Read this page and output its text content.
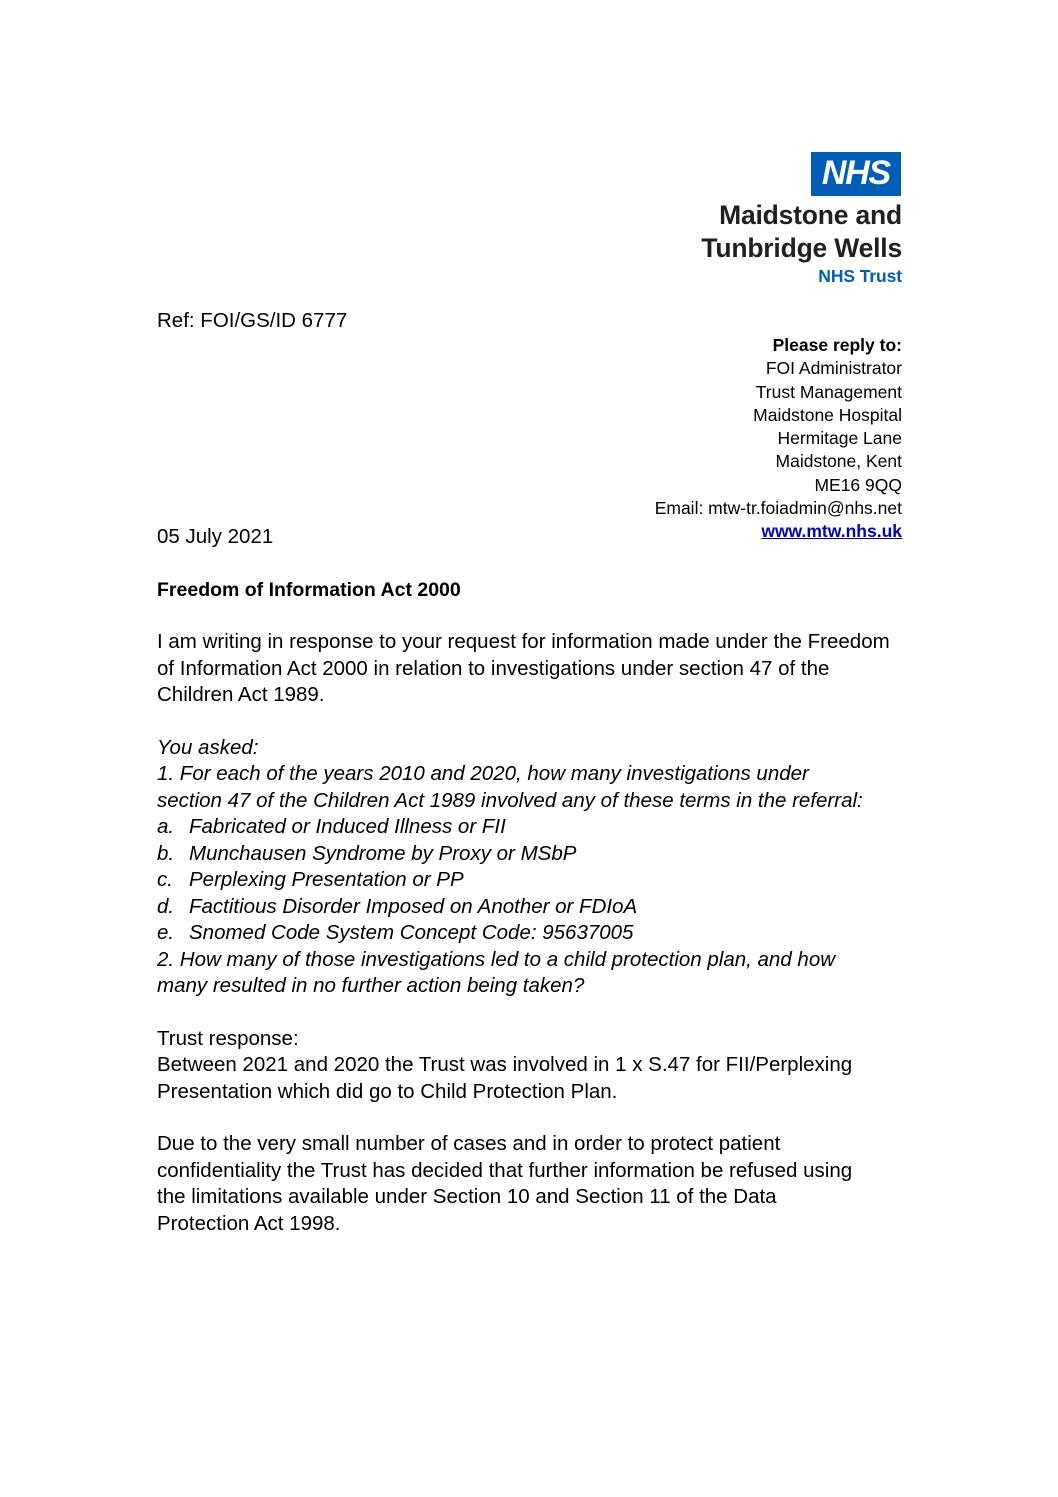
NHS
Maidstone and
Tunbridge Wells
NHS Trust
Ref: FOI/GS/ID 6777
Please reply to:
FOI Administrator
Trust Management
Maidstone Hospital
Hermitage Lane
Maidstone, Kent
ME16 9QQ
Email: mtw-tr.foiadmin@nhs.net
www.mtw.nhs.uk
05 July 2021
Freedom of Information Act 2000
I am writing in response to your request for information made under the Freedom of Information Act 2000 in relation to investigations under section 47 of the Children Act 1989.
You asked:
1. For each of the years 2010 and 2020, how many investigations under
section 47 of the Children Act 1989 involved any of these terms in the referral:
a. Fabricated or Induced Illness or FII
b. Munchausen Syndrome by Proxy or MSbP
c. Perplexing Presentation or PP
d. Factitious Disorder Imposed on Another or FDIoA
e. Snomed Code System Concept Code: 95637005
2. How many of those investigations led to a child protection plan, and how
many resulted in no further action being taken?
Trust response:
Between 2021 and 2020 the Trust was involved in 1 x S.47 for FII/Perplexing
Presentation which did go to Child Protection Plan.
Due to the very small number of cases and in order to protect patient
confidentiality the Trust has decided that further information be refused using
the limitations available under Section 10 and Section 11 of the Data
Protection Act 1998.
